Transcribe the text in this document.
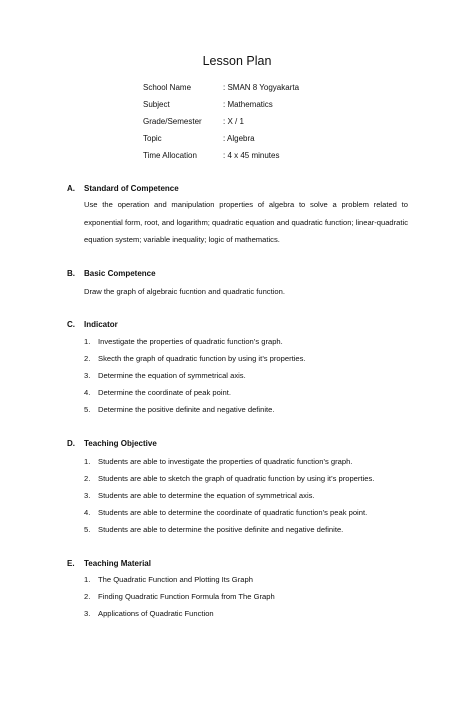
Lesson Plan
School Name	: SMAN 8 Yogyakarta
Subject	: Mathematics
Grade/Semester	: X / 1
Topic	: Algebra
Time Allocation	: 4 x 45 minutes
A. Standard of Competence
Use the operation and manipulation properties of algebra to solve a problem related to exponential form, root, and logarithm; quadratic equation and quadratic function; linear-quadratic equation system; variable inequality; logic of mathematics.
B. Basic Competence
Draw the graph of algebraic fucntion and quadratic function.
C. Indicator
1. Investigate the properties of quadratic function’s graph.
2. Skecth the graph of quadratic function by using it’s properties.
3. Determine the equation of symmetrical axis.
4. Determine the coordinate of peak point.
5. Determine the positive definite and negative definite.
D. Teaching Objective
1. Students are able to investigate the properties of quadratic function’s graph.
2. Students are able to sketch the graph of quadratic function by using it’s properties.
3. Students are able to determine the equation of symmetrical axis.
4. Students are able to determine the coordinate of quadratic function’s peak point.
5. Students are able to determine the positive definite and negative definite.
E. Teaching Material
1. The Quadratic Function and Plotting Its Graph
2. Finding Quadratic Function Formula from The Graph
3. Applications of Quadratic Function
